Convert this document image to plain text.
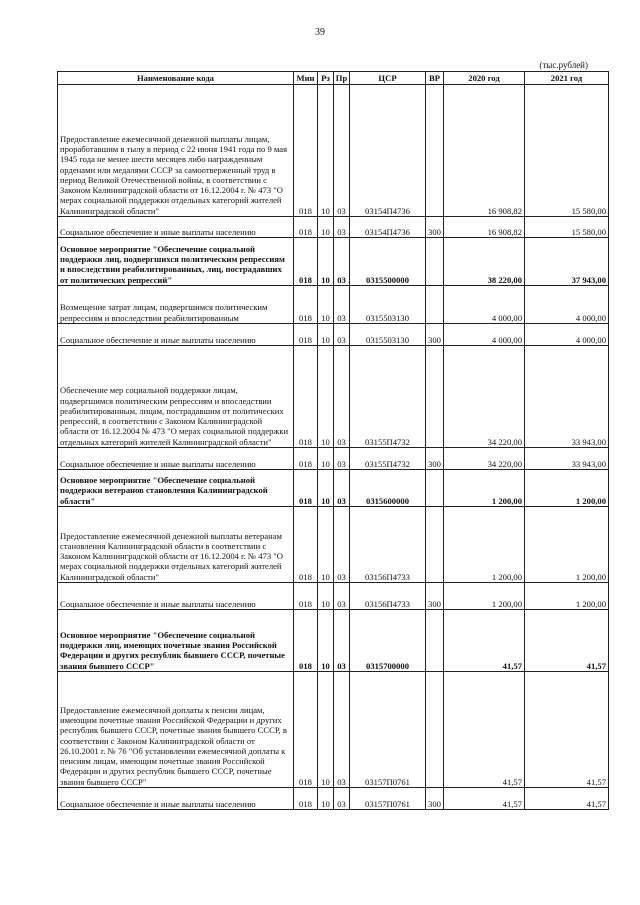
39
(тыс.рублей)
Наименование кода	Мин	Рз	Пр	ЦСР	ВР	2020 год	2021 год
Предоставление ежемесячной денежной выплаты лицам, проработавшим в тылу в период с 22 июня 1941 года по 9 мая 1945 года не менее шести месяцев либо награжденным орденами или медалями СССР за самоотверженный труд в период Великой Отечественной войны, в соответствии с Законом Калининградской области от 16.12.2004 г. № 473 "О мерах социальной поддержки отдельных категорий жителей Калининградской области"	018	10	03	03154П4736		16 908,82	15 580,00
Социальное обеспечение и иные выплаты населению	018	10	03	03154П4736	300	16 908,82	15 580,00
Основное мероприятие "Обеспечение социальной поддержки лиц, подвергшихся политическим репрессиям и впоследствии реабилитированных, лиц, пострадавших от политических репрессий"	018	10	03	0315500000		38 220,00	37 943,00
Возмещение затрат лицам, подвергшимся политическим репрессиям и впоследствии реабилитированным	018	10	03	0315503130		4 000,00	4 000,00
Социальное обеспечение и иные выплаты населению	018	10	03	0315503130	300	4 000,00	4 000,00
Обеспечение мер социальной поддержки лицам, подвергшимся политическим репрессиям и впоследствии реабилитированным, лицам, пострадавшим от политических репрессий, в соответствии с Законом Калининградской области от 16.12.2004 № 473 "О мерах социальной поддержки отдельных категорий жителей Калининградской области"	018	10	03	03155П4732		34 220,00	33 943,00
Социальное обеспечение и иные выплаты населению	018	10	03	03155П4732	300	34 220,00	33 943,00
Основное мероприятие "Обеспечение социальной поддержки ветеранов становления Калининградской области"	018	10	03	0315600000		1 200,00	1 200,00
Предоставление ежемесячной денежной выплаты ветеранам становления Калининградской области в соответствии с Законом Калининградской области от 16.12.2004 г. № 473 "О мерах социальной поддержки отдельных категорий жителей Калининградской области"	018	10	03	03156П4733		1 200,00	1 200,00
Социальное обеспечение и иные выплаты населению	018	10	03	03156П4733	300	1 200,00	1 200,00
Основное мероприятие "Обеспечение социальной поддержки лиц, имеющих почетные звания Российской Федерации и других республик бывшего СССР, почетные звания бывшего СССР"	018	10	03	0315700000		41,57	41,57
Предоставление ежемесячной доплаты к пенсии лицам, имеющим почетные звания Российской Федерации и других республик бывшего СССР, почетные звания бывшего СССР, в соответствии с Законом Калининградской области от 26.10.2001 г. № 76 "Об установлении ежемесячной доплаты к пенсиям лицам, имеющим почетные звания Российской Федерации и других республик бывшего СССР, почетные звания бывшего СССР"	018	10	03	03157П0761		41,57	41,57
Социальное обеспечение и иные выплаты населению	018	10	03	03157П0761	300	41,57	41,57
